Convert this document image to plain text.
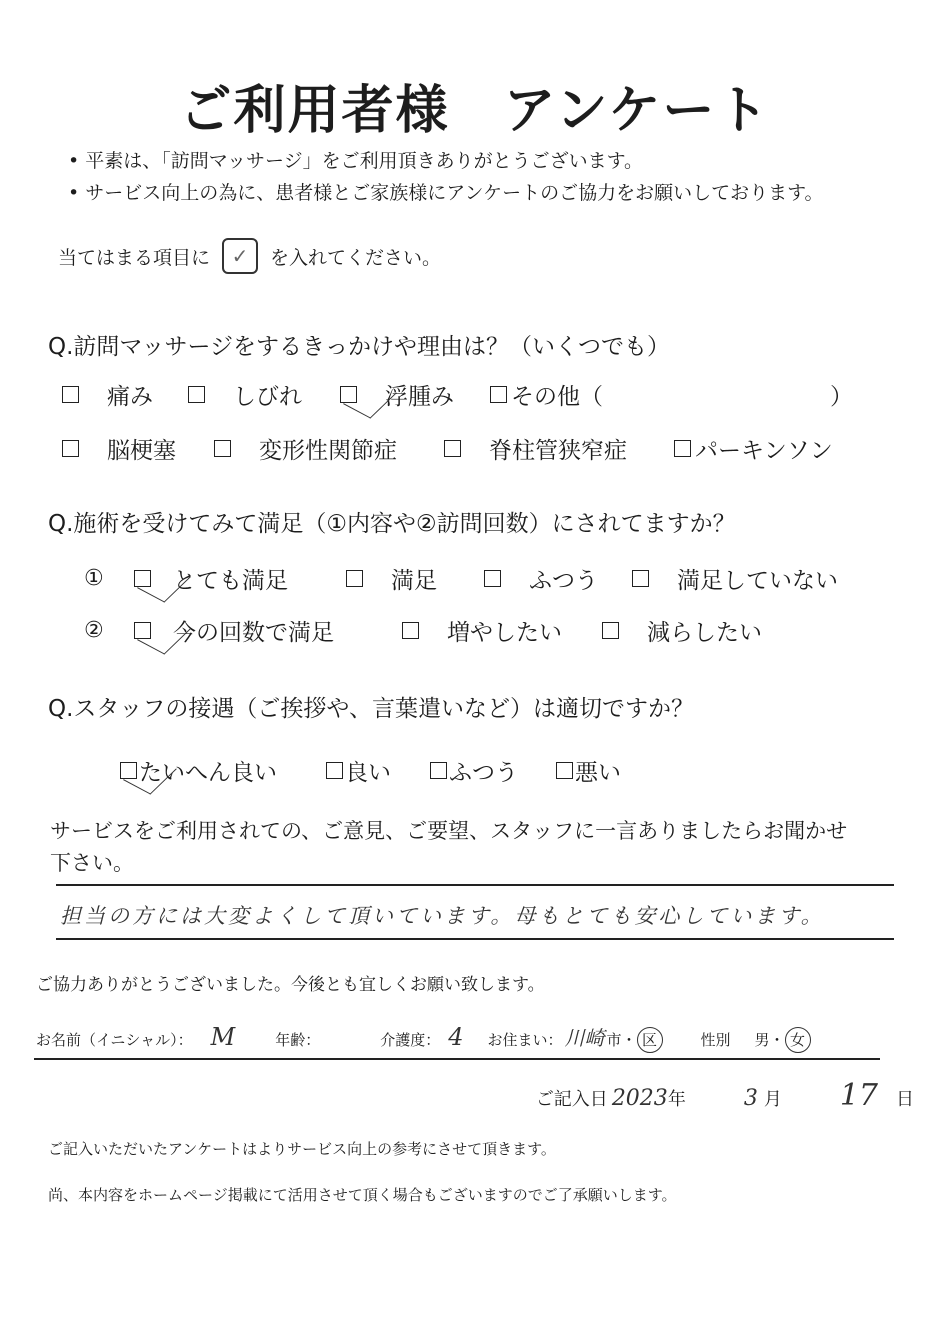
ご利用者様　アンケート
• 平素は、「訪問マッサージ」をご利用頂きありがとうございます。
• サービス向上の為に、患者様とご家族様にアンケートのご協力をお願いしております。
当てはまる項目に	✓	を入れてください。
Q.訪問マッサージをするきっかけや理由は？（いくつでも）
痛み	しびれ	浮腫み その他（	）
脳梗塞	変形性関節症	脊柱管狭窄症	パーキンソン
Q.施術を受けてみて満足（①内容や②訪問回数）にされてますか？
①	とても満足	満足	ふつう	満足していない
②	今の回数で満足	増やしたい	減らしたい
Q.スタッフの接遇（ご挨拶や、言葉遣いなど）は適切ですか？
たいへん良い	良い	ふつう 悪い
サービスをご利用されての、ご意見、ご要望、スタッフに一言ありましたらお聞かせ下さい。
担当の方には大変よくして頂いています。母もとても安心しています。
ご協力ありがとうございました。今後とも宜しくお願い致します。
お名前（イニシャル）： M	年齢：	介護度： 4 お住まい： 川崎 市・ 区	性別 男・ 女
ご記入日 2023 年	3 月 17 日
ご記入いただいたアンケートはよりサービス向上の参考にさせて頂きます。
尚、本内容をホームページ掲載にて活用させて頂く場合もございますのでご了承願いします。
